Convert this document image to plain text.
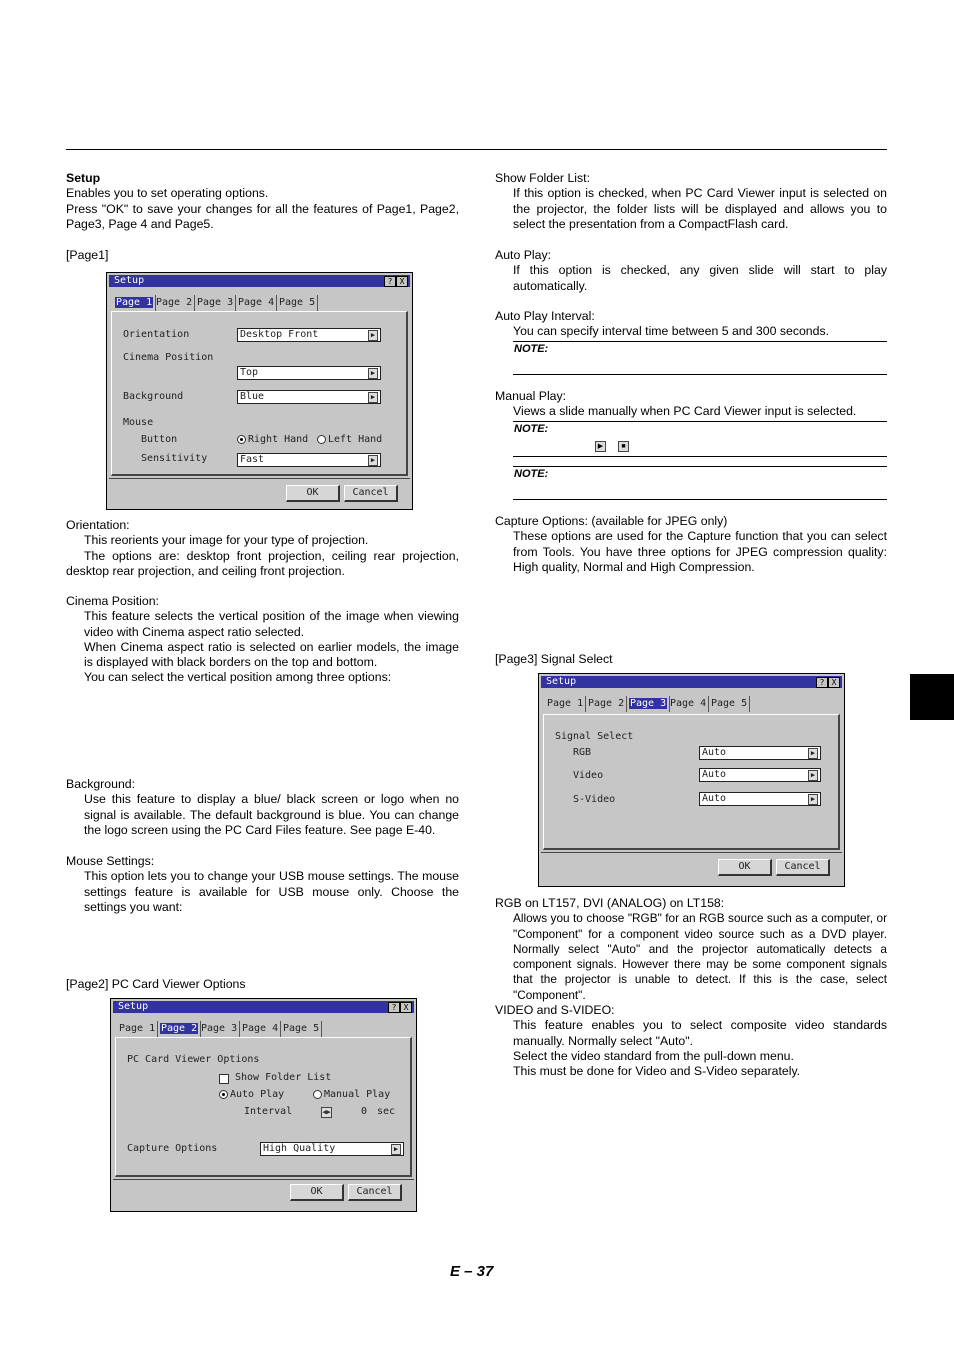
Setup

Enables you to set operating options.

Press "OK" to save your changes for all the features of Page1, Page2, Page3, Page 4 and Page5.

[Page1]
Setup	? X
Page 1 Page 2 Page 3 Page 4 Page 5
Orientation	Desktop Front	▶
Cinema Position
Top	▶
Background	Blue	▶
Mouse
Button	Right Hand	Left Hand
Sensitivity	Fast	▶
OK	Cancel

Orientation:

This reorients your image for your type of projection.

The options are: desktop front projection, ceiling rear projection, desktop rear projection, and ceiling front projection.

Cinema Position:

This feature selects the vertical position of the image when viewing video with Cinema aspect ratio selected.

When Cinema aspect ratio is selected on earlier models, the image is displayed with black borders on the top and bottom.

You can select the vertical position among three options:

Background:

Use this feature to display a blue/ black screen or logo when no signal is available. The default background is blue. You can change the logo screen using the PC Card Files feature. See page E-40.

Mouse Settings:

This option lets you to change your USB mouse settings. The mouse settings feature is available for USB mouse only. Choose the settings you want:

[Page2] PC Card Viewer Options
Setup	? X
Page 1 Page 2 Page 3 Page 4 Page 5
PC Card Viewer Options
Show Folder List
Auto Play	Manual Play
Interval	◀▶	0 sec
Capture Options	High Quality	▶
OK	Cancel

Show Folder List:

If this option is checked, when PC Card Viewer input is selected on the projector, the folder lists will be displayed and allows you to select the presentation from a CompactFlash card.

Auto Play:

If this option is checked, any given slide will start to play automatically.

Auto Play Interval:

You can specify interval time between 5 and 300 seconds.

NOTE:

Manual Play:

Views a slide manually when PC Card Viewer input is selected.

NOTE:
▶	■
NOTE:

Capture Options: (available for JPEG only)

These options are used for the Capture function that you can select from Tools. You have three options for JPEG compression quality: High quality, Normal and High Compression.

[Page3] Signal Select
Setup	? X
Page 1 Page 2 Page 3 Page 4 Page 5
Signal Select
RGB	Auto	▶
Video	Auto	▶
S-Video	Auto	▶
OK	Cancel

RGB on LT157, DVI (ANALOG) on LT158:

Allows you to choose "RGB" for an RGB source such as a computer, or "Component" for a component video source such as a DVD player. Normally select "Auto" and the projector automatically detects a component signals. However there may be some component signals that the projector is unable to detect. If this is the case, select "Component".

VIDEO and S-VIDEO:

This feature enables you to select composite video standards manually. Normally select "Auto".

Select the video standard from the pull-down menu.

This must be done for Video and S-Video separately.

E – 37
